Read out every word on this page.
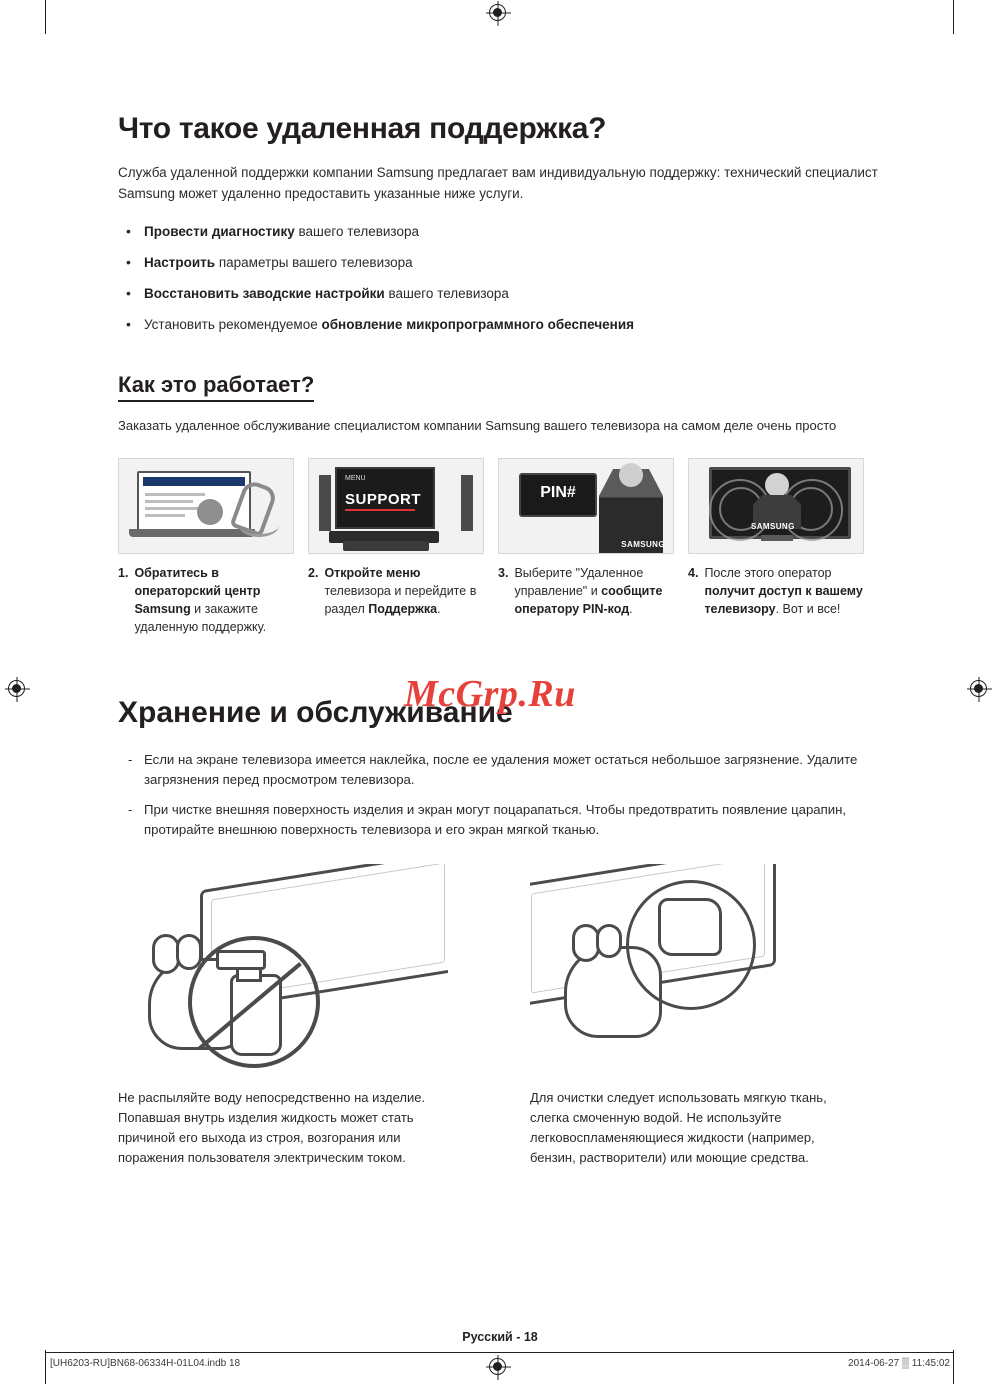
Что такое удаленная поддержка?

Служба удаленной поддержки компании Samsung предлагает вам индивидуальную поддержку: технический специалист Samsung может удаленно предоставить указанные ниже услуги.

• Провести диагностику вашего телевизора
• Настроить параметры вашего телевизора
• Восстановить заводские настройки вашего телевизора
• Установить рекомендуемое обновление микропрограммного обеспечения
Как это работает?

Заказать удаленное обслуживание специалистом компании Samsung вашего телевизора на самом деле очень просто

1. Обратитесь в операторский центр Samsung и закажите удаленную поддержку.
MENU
SUPPORT
2. Откройте меню телевизора и перейдите в раздел Поддержка.
PIN#
SAMSUNG
3. Выберите "Удаленное управление" и сообщите оператору PIN-код.
SAMSUNG
4. После этого оператор получит доступ к вашему телевизору. Вот и все!
Хранение и обслуживание
- Если на экране телевизора имеется наклейка, после ее удаления может остаться небольшое загрязнение. Удалите загрязнения перед просмотром телевизора.
- При чистке внешняя поверхность изделия и экран могут поцарапаться. Чтобы предотвратить появление царапин, протирайте внешнюю поверхность телевизора и его экран мягкой тканью.

Не распыляйте воду непосредственно на изделие. Попавшая внутрь изделия жидкость может стать причиной его выхода из строя, возгорания или поражения пользователя электрическим током.

Для очистки следует использовать мягкую ткань, слегка смоченную водой. Не используйте легковоспламеняющиеся жидкости (например, бензин, растворители) или моющие средства.

McGrp.Ru
Русский - 18
[UH6203-RU]BN68-06334H-01L04.indb 18	2014-06-27 ▒ 11:45:02
